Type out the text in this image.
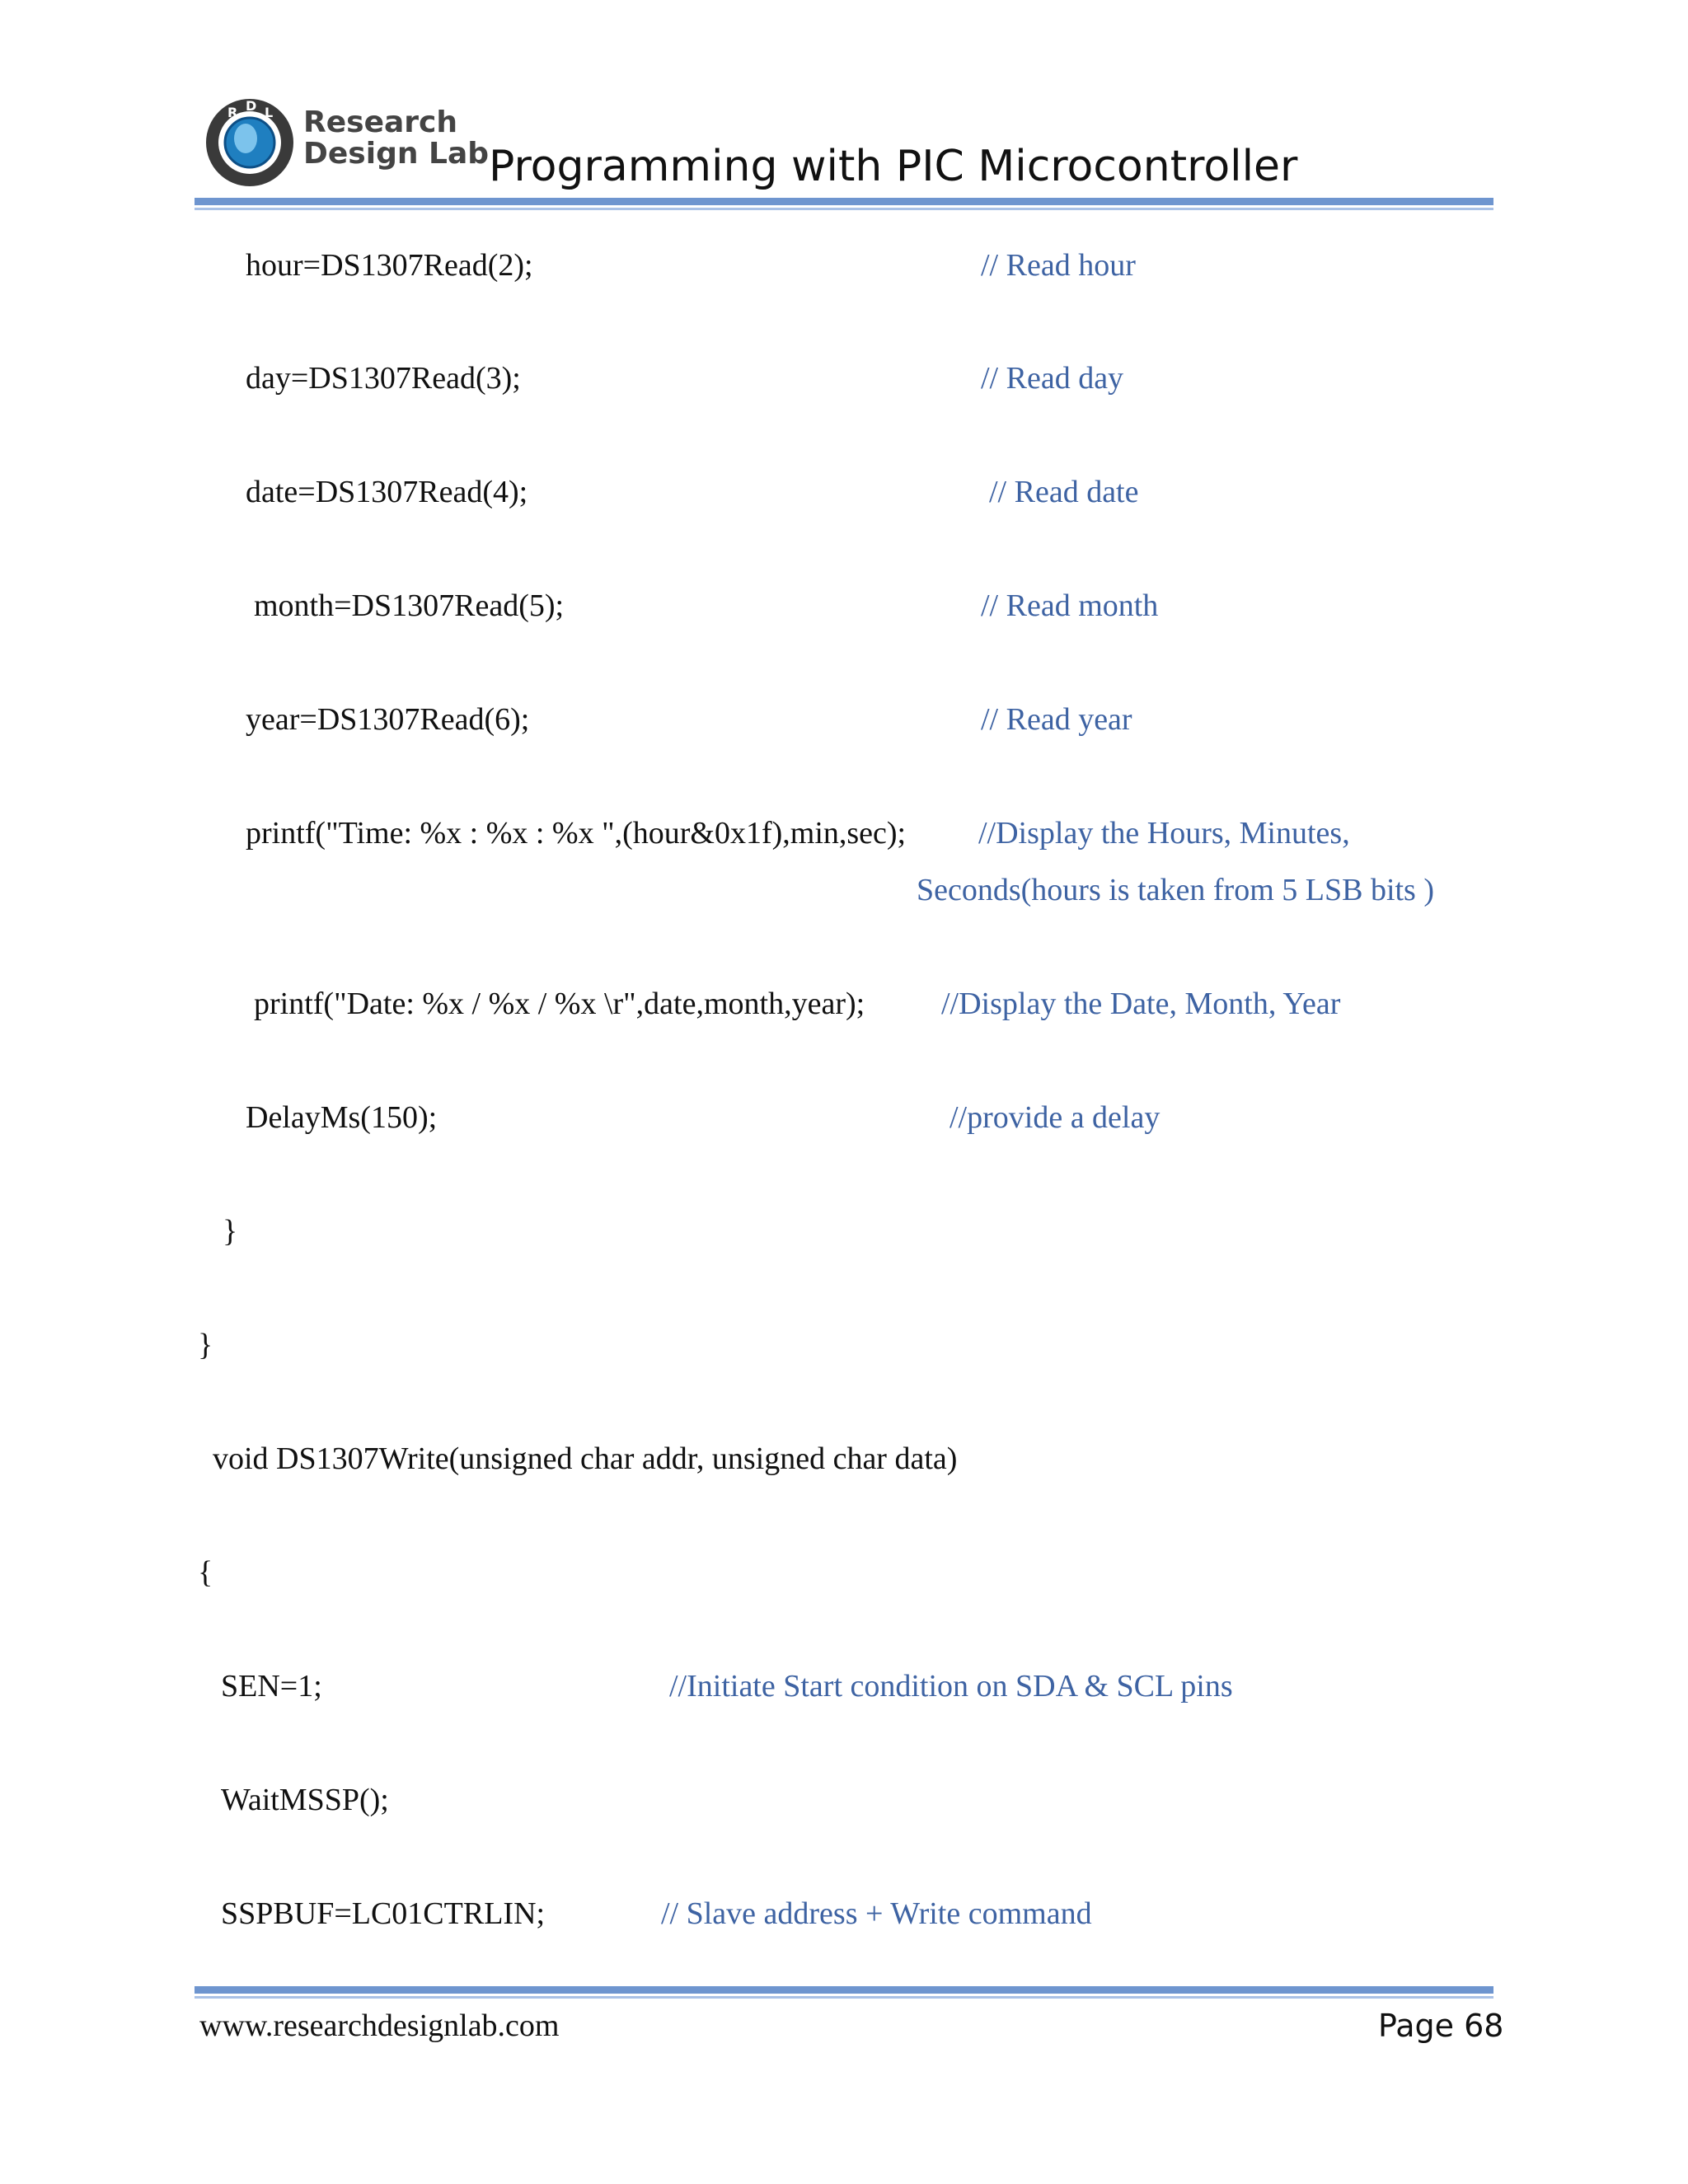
R D L Research
Design Lab Programming with PIC Microcontroller
hour=DS1307Read(2);	// Read hour
day=DS1307Read(3);	// Read day
date=DS1307Read(4);	// Read date
month=DS1307Read(5);	// Read month
year=DS1307Read(6);	// Read year
printf("Time: %x : %x : %x ",(hour&0x1f),min,sec); //Display the Hours, Minutes,
Seconds(hours is taken from 5 LSB bits )
printf("Date: %x / %x / %x \r",date,month,year); //Display the Date, Month, Year
DelayMs(150);	//provide a delay
}
}
void DS1307Write(unsigned char addr, unsigned char data)
{
SEN=1;	//Initiate Start condition on SDA & SCL pins
WaitMSSP();
SSPBUF=LC01CTRLIN;	// Slave address + Write command
www.researchdesignlab.com	Page 68
